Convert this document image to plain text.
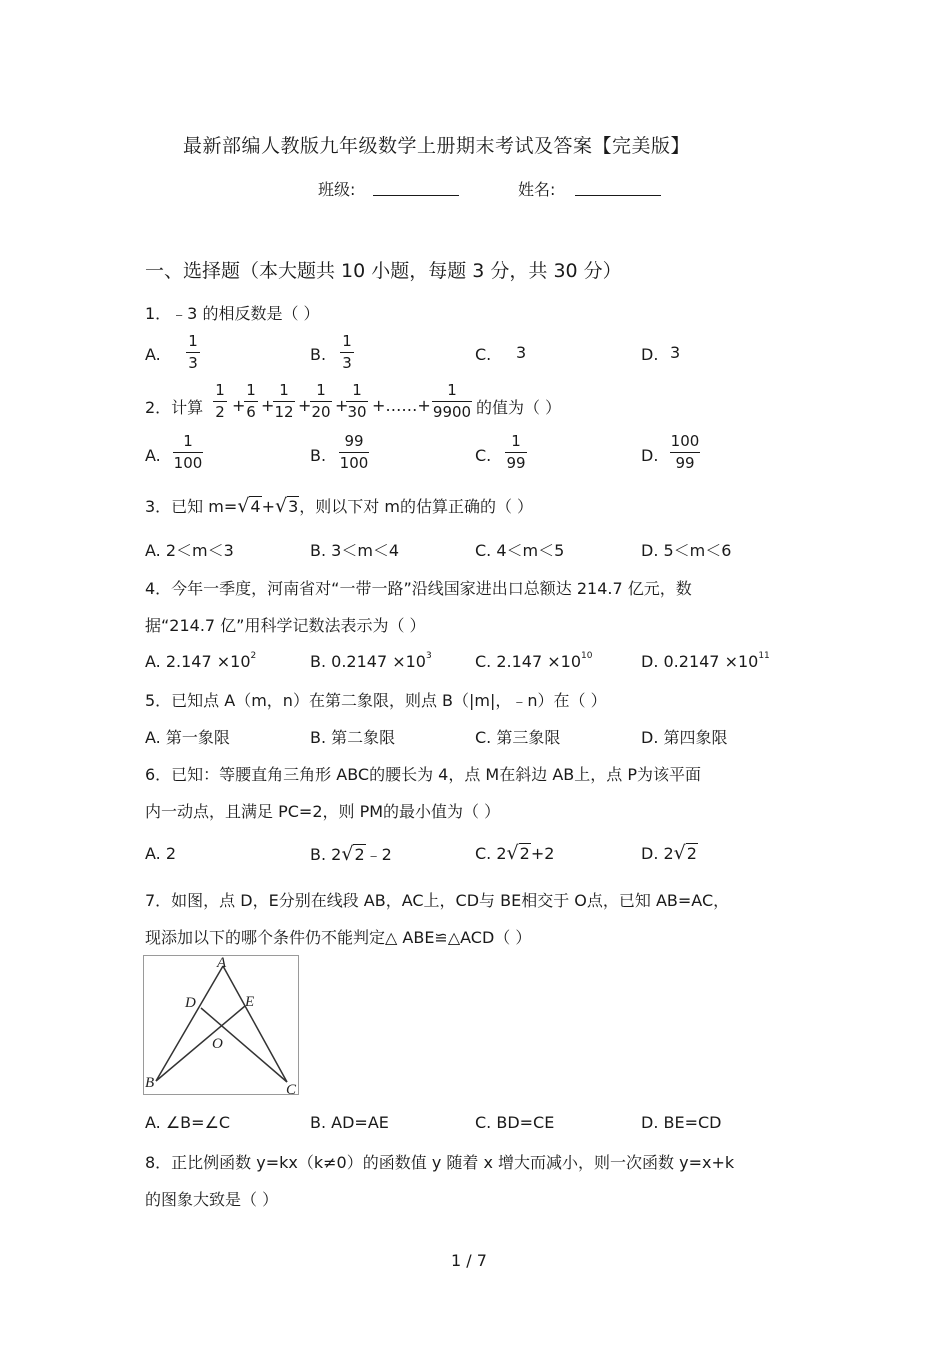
最新部编人教版九年级数学上册期末考试及答案【完美版】
班级:	姓名:
一、选择题（本大题共 10 小题，每题 3 分，共 30 分）
1．﹣3 的相反数是（ ）
A.
1
3	B.
1
3	C. 3	D. 3
2．计算
1
2 +
1
6 +
1
12 +
1
20 +
1
30 +……+
1
9900 的值为（ ）
A.
1
100	B.
99
100	C.
1
99	D.
100
99
3．已知 m=√4+√3，则以下对 m的估算正确的（ ）
A. 2＜m＜3	B. 3＜m＜4	C. 4＜m＜5	D. 5＜m＜6
4．今年一季度，河南省对“一带一路”沿线国家进出口总额达 214.7 亿元，数
据“214.7 亿”用科学记数法表示为（ ）
A. $2.147 \times 10^2$	B. $0.2147 \times 10^3$	C. $2.147 \times 10^{10}$	D. $0.2147 \times 10^{11}$
5．已知点 A（m，n）在第二象限，则点 B（|m|，﹣n）在（ ）
A. 第一象限	B. 第二象限	C. 第三象限	D. 第四象限
6．已知：等腰直角三角形 ABC的腰长为 4，点 M在斜边 AB上，点 P为该平面
内一动点，且满足 PC=2，则 PM的最小值为（ ）
A. 2	B. 2√2﹣2	C. 2√2+2	D. 2√2
7．如图，点 D，E分别在线段 AB，AC上，CD与 BE相交于 O点，已知 AB=AC，
现添加以下的哪个条件仍不能判定△ ABE≌△ACD（ ）
A
B	C
D	E
O
A. ∠B=∠C	B. AD=AE	C. BD=CE	D. BE=CD
8．正比例函数 y=kx（k≠0）的函数值 y 随着 x 增大而减小，则一次函数 y=x+k
的图象大致是（ ）
1 / 7
